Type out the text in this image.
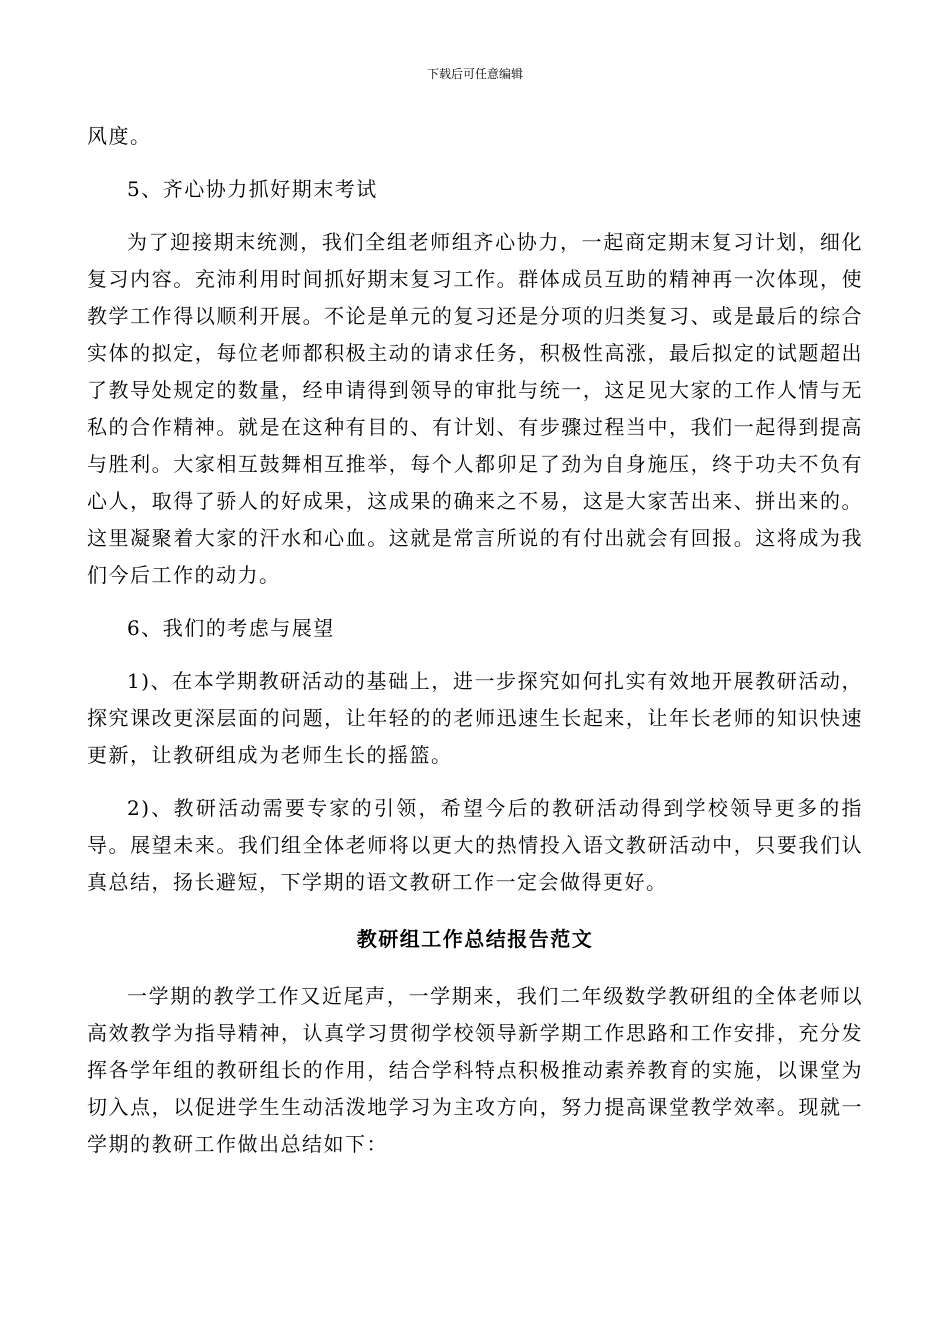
下载后可任意编辑

风度。

5、齐心协力抓好期末考试

为了迎接期末统测，我们全组老师组齐心协力，一起商定期末复习计划，细化复习内容。充沛利用时间抓好期末复习工作。群体成员互助的精神再一次体现，使教学工作得以顺利开展。不论是单元的复习还是分项的归类复习、或是最后的综合实体的拟定，每位老师都积极主动的请求任务，积极性高涨，最后拟定的试题超出了教导处规定的数量，经申请得到领导的审批与统一，这足见大家的工作人情与无私的合作精神。就是在这种有目的、有计划、有步骤过程当中，我们一起得到提高与胜利。大家相互鼓舞相互推举，每个人都卯足了劲为自身施压，终于功夫不负有心人，取得了骄人的好成果，这成果的确来之不易，这是大家苦出来、拼出来的。这里凝聚着大家的汗水和心血。这就是常言所说的有付出就会有回报。这将成为我们今后工作的动力。

6、我们的考虑与展望

1)、在本学期教研活动的基础上，进一步探究如何扎实有效地开展教研活动，探究课改更深层面的问题，让年轻的的老师迅速生长起来，让年长老师的知识快速更新，让教研组成为老师生长的摇篮。

2)、教研活动需要专家的引领，希望今后的教研活动得到学校领导更多的指导。展望未来。我们组全体老师将以更大的热情投入语文教研活动中，只要我们认真总结，扬长避短，下学期的语文教研工作一定会做得更好。

教研组工作总结报告范文

一学期的教学工作又近尾声，一学期来，我们二年级数学教研组的全体老师以高效教学为指导精神，认真学习贯彻学校领导新学期工作思路和工作安排，充分发挥各学年组的教研组长的作用，结合学科特点积极推动素养教育的实施，以课堂为切入点，以促进学生生动活泼地学习为主攻方向，努力提高课堂教学效率。现就一学期的教研工作做出总结如下：
